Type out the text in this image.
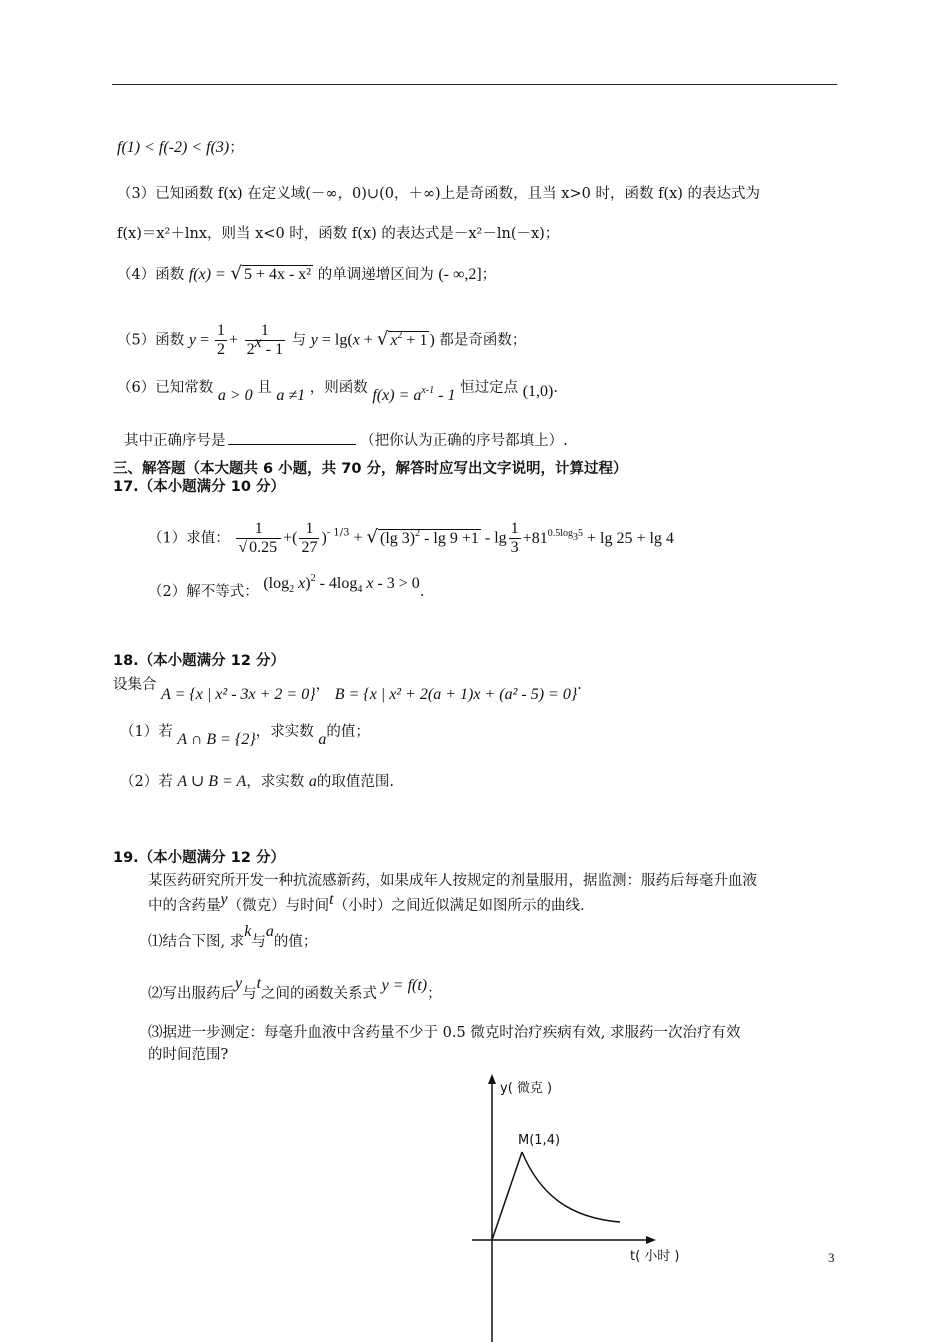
f(1) < f(-2) < f(3)；
（3）已知函数 f(x) 在定义域(－∞，0)∪(0，＋∞)上是奇函数，且当 x>0 时，函数 f(x) 的表达式为
f(x)＝x²＋lnx，则当 x<0 时，函数 f(x) 的表达式是－x²－ln(－x)；
（4）函数 f(x) = √ 5 + 4x - x² 的单调递增区间为 (- ∞,2]；
（5）函数 $y = \frac{1}{2} + \frac{1}{2^x - 1}$ 与 y = lg(x + √ $x^2 + 1$ ) 都是奇函数；
（6）已知常数 a > 0 且 a ≠1 ，则函数 $f(x) = a^{x-1} - 1$ 恒过定点 (1,0).
其中正确序号是	（把你认为正确的序号都填上）.
三、解答题（本大题共 6 小题，共 70 分，解答时应写出文字说明，计算过程）
17.（本小题满分 10 分）
（1）求值： $\frac{1}{√ 0.25}$ +( $\frac{1}{27} )^{- 1/3}$ + √ (lg $3)^2 - \lg 9 +1 - \lg \frac{1}{3} +81^{0.5log_35} + \lg 25 + \lg 4$
（2）解不等式： ($\log_2$ $x)^2 - 4\log_4$ x - 3 > 0.
18.（本小题满分 12 分）
设集合 A = {x | x² - 3x + 2 = 0}， B = {x | x² + 2(a + 1)x + (a² - 5) = 0}.
（1）若 A ∩ B = {2}，求实数 a的值；
（2）若 A ∪ B = A，求实数 a的取值范围.
19.（本小题满分 12 分）
某医药研究所开发一种抗流感新药，如果成年人按规定的剂量服用，据监测：服药后每毫升血液
中的含药量y（微克）与时间t（小时）之间近似满足如图所示的曲线.
⑴结合下图, 求k与a的值；
⑵写出服药后y与t之间的函数关系式 y = f(t)；
⑶据进一步测定：每毫升血液中含药量不少于 0.5 微克时治疗疾病有效, 求服药一次治疗有效
的时间范围?
y( 微克 )
M(1,4)
t( 小时 )	3
